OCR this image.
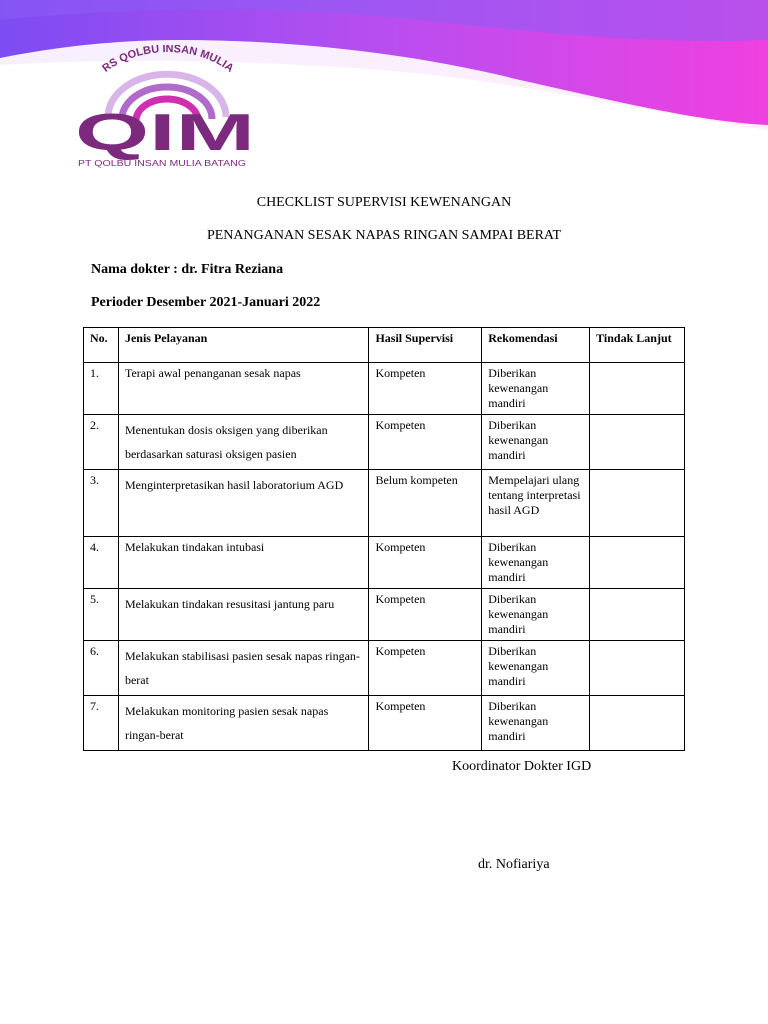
RS QOLBU INSAN MULIA
QIM
PT QOLBU INSAN MULIA BATANG
CHECKLIST SUPERVISI KEWENANGAN
PENANGANAN SESAK NAPAS RINGAN SAMPAI BERAT
Nama dokter : dr. Fitra Reziana
Perioder Desember 2021-Januari 2022
No.	Jenis Pelayanan	Hasil Supervisi	Rekomendasi	Tindak Lanjut
1.	Terapi awal penanganan sesak napas	Kompeten	Diberikan kewenangan mandiri	
2.	Menentukan dosis oksigen yang diberikan berdasarkan saturasi oksigen pasien	Kompeten	Diberikan kewenangan mandiri	
3.	Menginterpretasikan hasil laboratorium AGD	Belum kompeten	Mempelajari ulang tentang interpretasi hasil AGD	
4.	Melakukan tindakan intubasi	Kompeten	Diberikan kewenangan mandiri	
5.	Melakukan tindakan resusitasi jantung paru	Kompeten	Diberikan kewenangan mandiri	
6.	Melakukan stabilisasi pasien sesak napas ringan-berat	Kompeten	Diberikan kewenangan mandiri	
7.	Melakukan monitoring pasien sesak napas ringan-berat	Kompeten	Diberikan kewenangan mandiri	
Koordinator Dokter IGD
dr. Nofiariya
